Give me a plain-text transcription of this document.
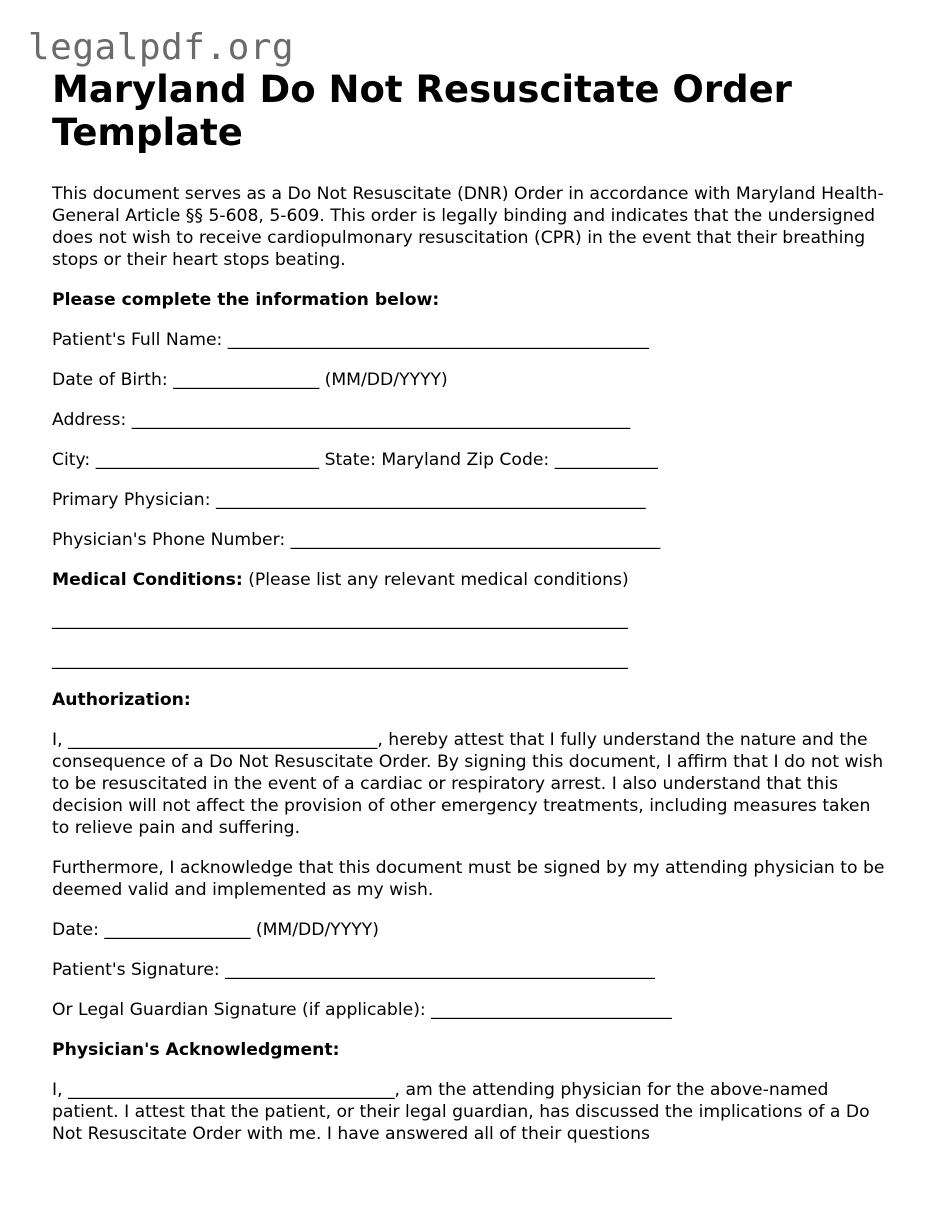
legalpdf.org
Maryland Do Not Resuscitate Order Template

This document serves as a Do Not Resuscitate (DNR) Order in accordance with Maryland Health-General Article §§ 5-608, 5-609. This order is legally binding and indicates that the undersigned does not wish to receive cardiopulmonary resuscitation (CPR) in the event that their breathing stops or their heart stops beating.

Please complete the information below:

Patient's Full Name: _________________________________________________

Date of Birth: _________________ (MM/DD/YYYY)

Address: __________________________________________________________

City: __________________________ State: Maryland Zip Code: ____________

Primary Physician: __________________________________________________

Physician's Phone Number: ___________________________________________

Medical Conditions: (Please list any relevant medical conditions)

___________________________________________________________________

___________________________________________________________________

Authorization:

I, ____________________________________, hereby attest that I fully understand the nature and the consequence of a Do Not Resuscitate Order. By signing this document, I affirm that I do not wish to be resuscitated in the event of a cardiac or respiratory arrest. I also understand that this decision will not affect the provision of other emergency treatments, including measures taken to relieve pain and suffering.

Furthermore, I acknowledge that this document must be signed by my attending physician to be deemed valid and implemented as my wish.

Date: _________________ (MM/DD/YYYY)

Patient's Signature: __________________________________________________

Or Legal Guardian Signature (if applicable): ____________________________

Physician's Acknowledgment:

I, ______________________________________, am the attending physician for the above-named patient. I attest that the patient, or their legal guardian, has discussed the implications of a Do Not Resuscitate Order with me. I have answered all of their questions
